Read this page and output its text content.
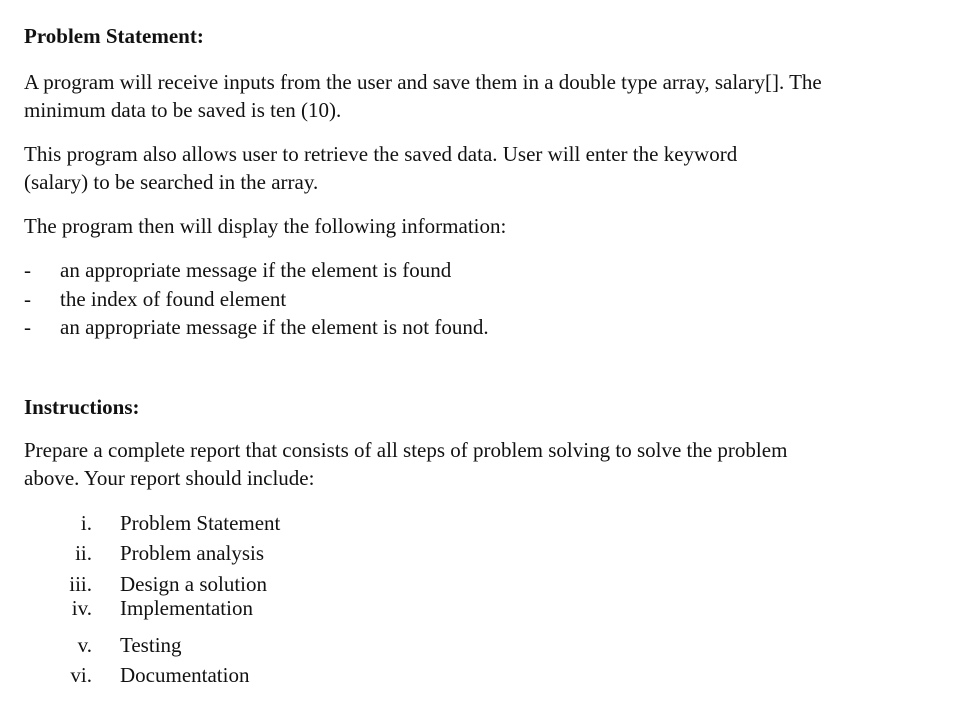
Problem Statement:
A program will receive inputs from the user and save them in a double type array, salary[]. The
minimum data to be saved is ten (10).
This program also allows user to retrieve the saved data. User will enter the keyword
(salary) to be searched in the array.
The program then will display the following information:
- an appropriate message if the element is found
- the index of found element
- an appropriate message if the element is not found.
Instructions:
Prepare a complete report that consists of all steps of problem solving to solve the problem
above. Your report should include:
i. Problem Statement
ii. Problem analysis
iii. Design a solution
iv. Implementation
v. Testing
vi. Documentation
